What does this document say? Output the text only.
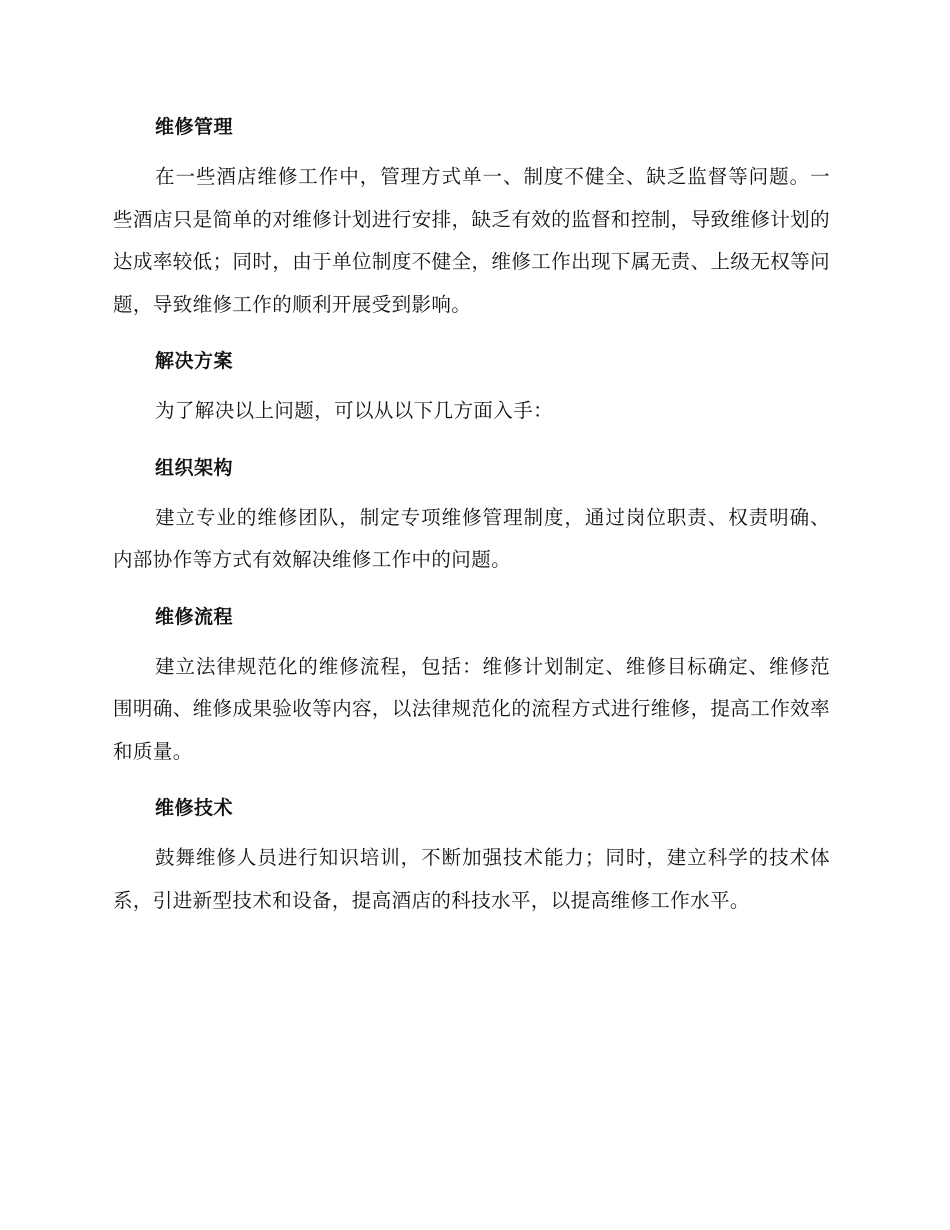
维修管理

在一些酒店维修工作中，管理方式单一、制度不健全、缺乏监督等问题。一些酒店只是简单的对维修计划进行安排，缺乏有效的监督和控制，导致维修计划的达成率较低；同时，由于单位制度不健全，维修工作出现下属无责、上级无权等问题，导致维修工作的顺利开展受到影响。

解决方案

为了解决以上问题，可以从以下几方面入手：

组织架构

建立专业的维修团队，制定专项维修管理制度，通过岗位职责、权责明确、内部协作等方式有效解决维修工作中的问题。

维修流程

建立法律规范化的维修流程，包括：维修计划制定、维修目标确定、维修范围明确、维修成果验收等内容，以法律规范化的流程方式进行维修，提高工作效率和质量。

维修技术

鼓舞维修人员进行知识培训，不断加强技术能力；同时，建立科学的技术体系，引进新型技术和设备，提高酒店的科技水平，以提高维修工作水平。
